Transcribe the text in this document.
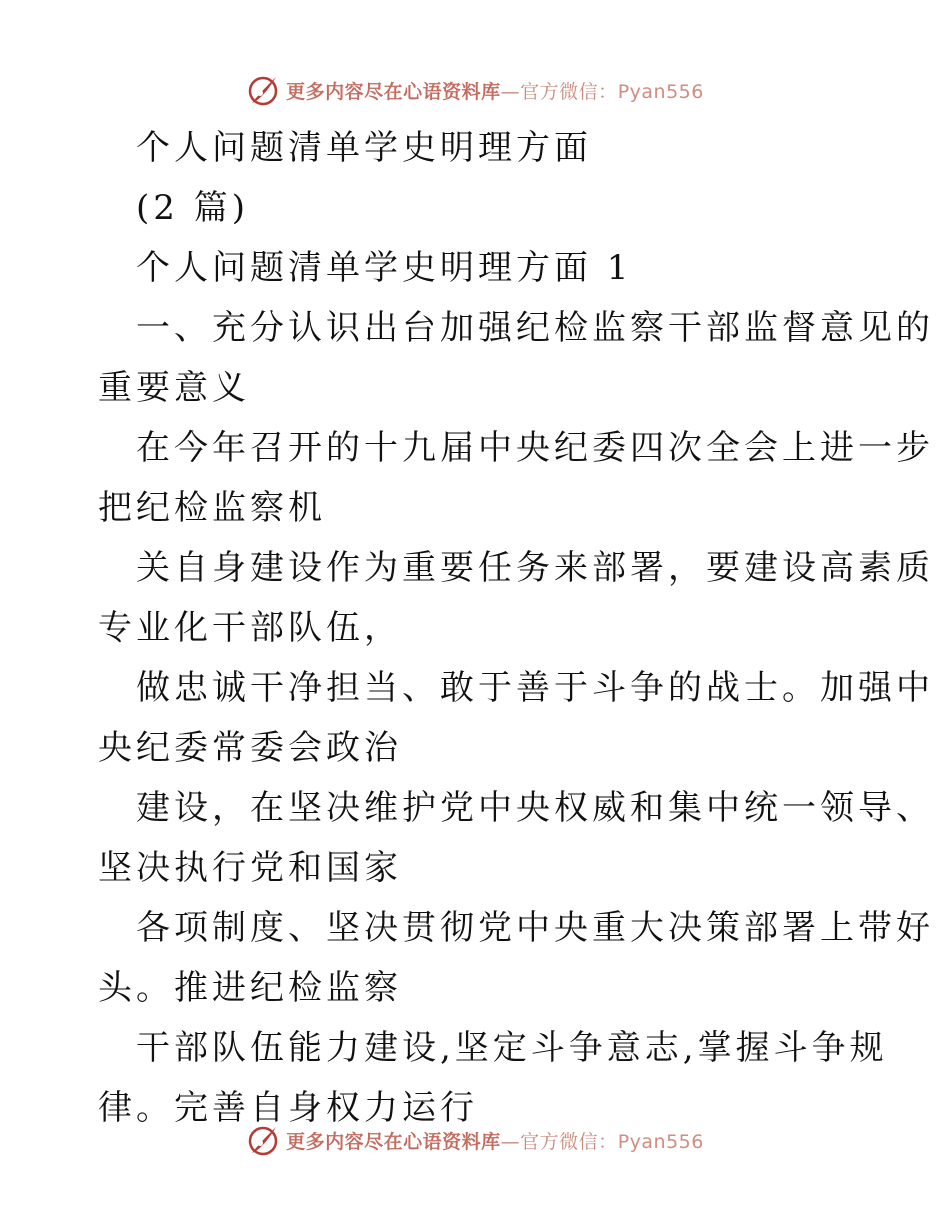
更多内容尽在心语资料库—官方微信：Pyan556
个人问题清单学史明理方面
(2 篇)
个人问题清单学史明理方面 1
一、充分认识出台加强纪检监察干部监督意见的
重要意义
在今年召开的十九届中央纪委四次全会上进一步
把纪检监察机
关自身建设作为重要任务来部署，要建设高素质
专业化干部队伍，
做忠诚干净担当、敢于善于斗争的战士。加强中
央纪委常委会政治
建设，在坚决维护党中央权威和集中统一领导、
坚决执行党和国家
各项制度、坚决贯彻党中央重大决策部署上带好
头。推进纪检监察
干部队伍能力建设,坚定斗争意志,掌握斗争规
律。完善自身权力运行
更多内容尽在心语资料库—官方微信：Pyan556
